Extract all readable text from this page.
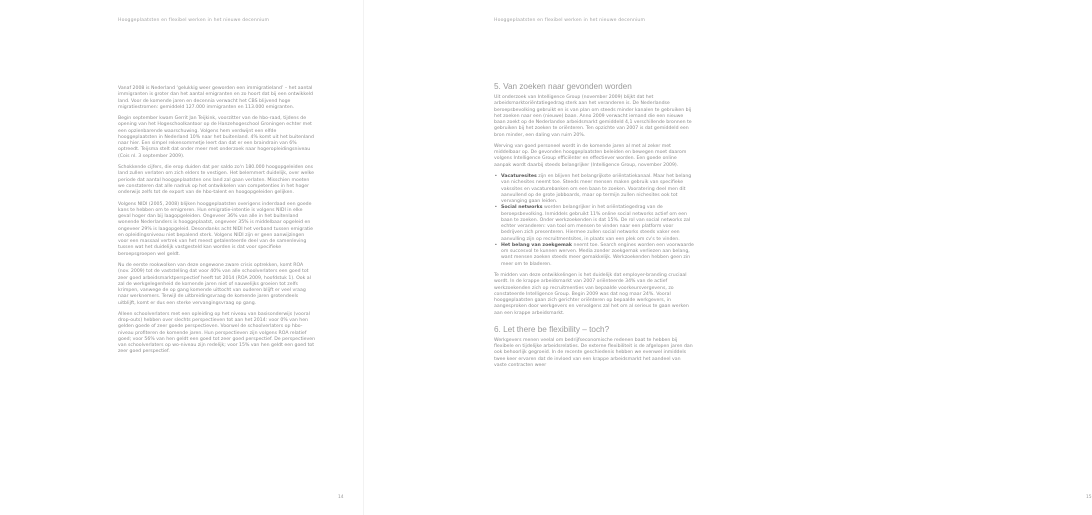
Hooggeplaatsten en flexibel werken in het nieuwe decennium

Vanaf 2008 is Nederland ‘gelukkig weer geworden een immigratieland’ – het aantal immigranten is groter dan het aantal emigranten en zo hoort dat bij een ontwikkeld land. Voor de komende jaren en decennia verwacht het CBS blijvend hoge migratiestromen: gemiddeld 127.000 immigranten en 113.000 emigranten.

Begin september kwam Gerrit Jan Teijkink, voorzitter van de hbo-raad, tijdens de opening van het Hogeschoolkantoor op de Hanzehogeschool Groningen echter met een opzienbarende waarschuwing. Volgens hem verdwijnt een elfde hooggeplaatsten in Nederland 10% naar het buitenland. 4% komt uit het buitenland naar hier. Een simpel rekensommetje leert dan dat er een braindrain van 6% optreedt. Teijsma stelt dat onder meer met onderzoek naar hogeropleidingsniveau (Cois nl. 3 september 2009).

Schokkende cijfers, die erop duiden dat per saldo zo'n 180.000 hoogopgeleiden ons land zullen verlaten om zich elders te vestigen. Het belemmert duidelijk, over welke periode dat aantal hooggeplaatsten ons land zal gaan verlaten. Misschien moeten we constateren dat alle nadruk op het ontwikkelen van competenties in het hoger onderwijs zelfs tot de export van de hbo-talent en hoogopgeleiden gelijken.

Volgens NIDI (2005, 2008) blijken hooggeplaatsten overigens inderdaad een goede kans te hebben om te emigreren. Hun emigratie-intentie is volgens NIDI in elke geval hoger dan bij laagopgeleiden. Ongeveer 36% van alle in het buitenland wonende Nederlanders is hooggeplaatst, ongeveer 35% is middelbaar opgeleid en ongeveer 29% is laagopgeleid. Desondanks acht NIDI het verband tussen emigratie en opleidingsniveau niet bepalend sterk. Volgens NIDI zijn er geen aanwijzingen voor een massaal vertrek van het meest getalenteerde deel van de samenleving tussen wat het duidelijk vastgesteld kan worden is dat voor specifieke beroepsgroepen wel geldt.

Nu de eerste rookwolken van deze ongewone zware crisis optrekken, komt ROA (nov. 2009) tot de vaststelling dat voor 40% van alle schoolverlaters een goed tot zeer goed arbeidsmarktperspectief heeft tot 2014 (ROA 2009, hoofdstuk 1). Ook al zal de werkgelegenheid de komende jaren niet of nauwelijks groeien tot zelfs krimpen, vanwege de op gang komende uittocht van ouderen blijft er veel vraag naar werknemers. Terwijl de uitbreidingsvraag de komende jaren grotendeels uitblijft, komt er dus een sterke vervangingsvraag op gang.

Alleen schoolverlaters met een opleiding op het niveau van basisonderwijs (vooral drop-outs) hebben over slechts perspectieven tot aan het 2014: voor 0% van hen gelden goede of zeer goede perspectieven. Voorwel de schoolverlaters op hbo-niveau profiteren de komende jaren. Hun perspectieven zijn volgens ROA relatief goed; voor 56% van hen geldt een goed tot zeer goed perspectief. De perspectieven van schoolverlaters op wo-niveau zijn redelijk; voor 15% van hen geldt een goed tot zeer goed perspectief.

14
Hooggeplaatsten en flexibel werken in het nieuwe decennium
5. Van zoeken naar gevonden worden

Uit onderzoek van Intelligence Group (november 2009) blijkt dat het arbeidsmarktoriëntatiegedrag sterk aan het veranderen is. De Nederlandse beroepsbevolking gebruikt en is van plan om steeds minder kanalen te gebruiken bij het zoeken naar een (nieuwe) baan. Anno 2009 verwacht iemand die een nieuwe baan zoekt op de Nederlandse arbeidsmarkt gemiddeld 4,1 verschillende bronnen te gebruiken bij het zoeken te oriënteren. Ten opzichte van 2007 is dat gemiddeld een bron minder, een daling van ruim 20%.

Werving van goed personeel wordt in de komende jaren al met al zeker met middelbaar op. De gevonden hooggeplaatsten beleiden en bewegen moet daarom volgens Intelligence Group efficiënter en effectiever worden. Een goede online aanpak wordt daarbij steeds belangrijker (Intelligence Group, november 2009).

• Vacaturesites zijn en blijven het belangrijkste oriëntatiekanaal. Maar het belang van nichesites neemt toe. Steeds meer mensen maken gebruik van specifieke vakssites en vacaturebanken om een baan te zoeken. Vooratering deel men dit aanvullend op de grote jobboards, maar op termijn zullen nichesites ook tot vervanging gaan leiden.
• Social networks worden belangrijker in het oriëntatiegedrag van de beroepsbevolking. Inmiddels gebruikt 11% online social networks actief om een baan te zoeken. Onder werkzoekenden is dat 15%. De rol van social networks zal echter veranderen: van tool om mensen te vinden naar een platform voor bedrijven zich presenteren. Hiermee zullen social networks steeds vaker een aanvulling zijn op recruitmentsites, in plaats van een plek om cv's te vinden.
• Het belang van zoekgemak neemt toe. Search engines worden een voorwaarde om succesvol te kunnen werven. Media zonder zoekgemak verliezen aan belang, want mensen zoeken steeds meer gemakkelijk. Werkzoekenden hebben geen zin meer om te bladeren.

Te midden van deze ontwikkelingen is het duidelijk dat employer-branding cruciaal wordt. In de krappe arbeidsmarkt van 2007 oriënteerde 34% van de actief werkzoekenden zich op recruitmenties van bepaalde voorkeursvergevens, zo constateerde Intelligence Group. Begin 2009 was dat nog maar 24%. Vooral hooggeplaatsten gaan zich gerichter oriënteren op bepaalde werkgevers, in aangesproken door werkgevers en vervolgens zal het om al serieus te gaan werken aan een krappe arbeidsmarkt.

6. Let there be flexibility – toch?

Werkgevers menen veelal om bedrijfseconomische redenen baat te hebben bij flexibele en tijdelijke arbeidsrelaties. De externe flexibiliteit is de afgelopen jaren dan ook behoorlijk gegroeid. In de recente geschiedenis hebben we evenwel inmiddels twee keer ervaren dat de invloed van een krappe arbeidsmarkt het aandeel van vaste contracten weer

15
